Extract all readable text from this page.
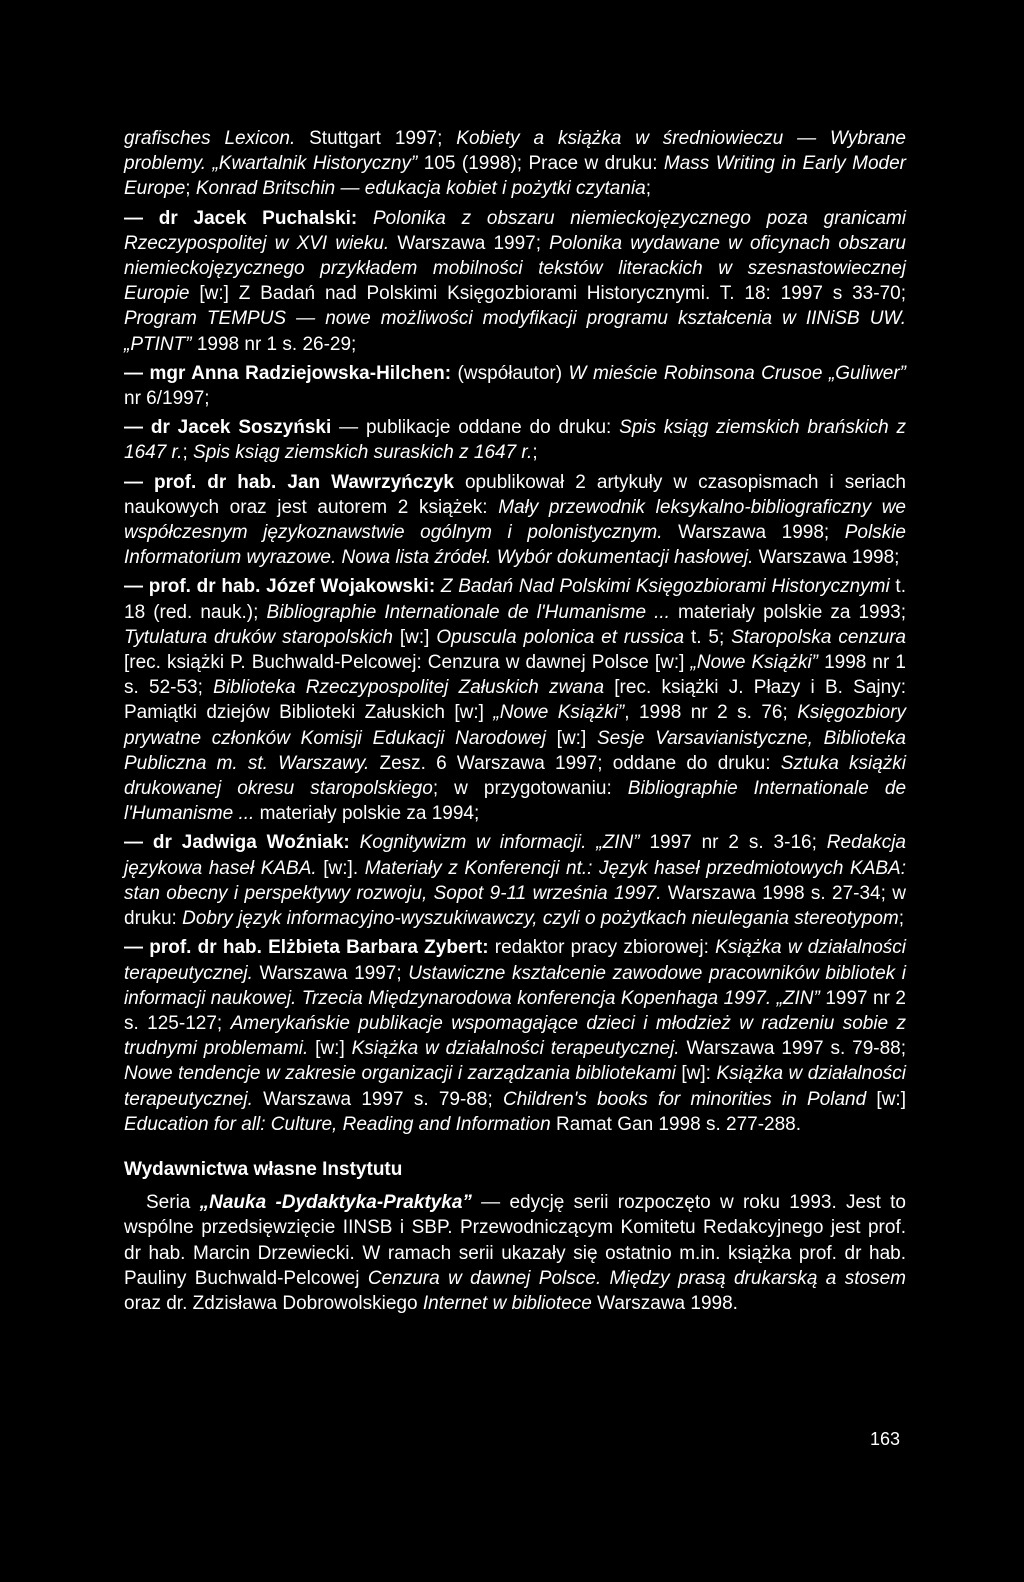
grafisches Lexicon. Stuttgart 1997; Kobiety a książka w średniowieczu — Wybrane problemy. „Kwartalnik Historyczny” 105 (1998); Prace w druku: Mass Writing in Early Moder Europe; Konrad Britschin — edukacja kobiet i pożytki czytania;

— dr Jacek Puchalski: Polonika z obszaru niemieckojęzycznego poza granicami Rzeczypospolitej w XVI wieku. Warszawa 1997; Polonika wydawane w oficynach obszaru niemieckojęzycznego przykładem mobilności tekstów literackich w szesnastowiecznej Europie [w:] Z Badań nad Polskimi Księgozbiorami Historycznymi. T. 18: 1997 s 33-70; Program TEMPUS — nowe możliwości modyfikacji programu kształcenia w IINiSB UW. „PTINT” 1998 nr 1 s. 26-29;

— mgr Anna Radziejowska-Hilchen: (współautor) W mieście Robinsona Crusoe „Guliwer” nr 6/1997;

— dr Jacek Soszyński — publikacje oddane do druku: Spis ksiąg ziemskich brańskich z 1647 r.; Spis ksiąg ziemskich suraskich z 1647 r.;

— prof. dr hab. Jan Wawrzyńczyk opublikował 2 artykuły w czasopismach i seriach naukowych oraz jest autorem 2 książek: Mały przewodnik leksykalno-bibliograficzny we współczesnym językoznawstwie ogólnym i polonistycznym. Warszawa 1998; Polskie Informatorium wyrazowe. Nowa lista źródeł. Wybór dokumentacji hasłowej. Warszawa 1998;

— prof. dr hab. Józef Wojakowski: Z Badań Nad Polskimi Księgozbiorami Historycznymi t. 18 (red. nauk.); Bibliographie Internationale de l'Humanisme ... materiały polskie za 1993; Tytulatura druków staropolskich [w:] Opuscula polonica et russica t. 5; Staropolska cenzura [rec. książki P. Buchwald-Pelcowej: Cenzura w dawnej Polsce [w:] „Nowe Książki” 1998 nr 1 s. 52-53; Biblioteka Rzeczypospolitej Załuskich zwana [rec. książki J. Płazy i B. Sajny: Pamiątki dziejów Biblioteki Załuskich [w:] „Nowe Książki”, 1998 nr 2 s. 76; Księgozbiory prywatne członków Komisji Edukacji Narodowej [w:] Sesje Varsavianistyczne, Biblioteka Publiczna m. st. Warszawy. Zesz. 6 Warszawa 1997; oddane do druku: Sztuka książki drukowanej okresu staropolskiego; w przygotowaniu: Bibliographie Internationale de l'Humanisme ... materiały polskie za 1994;

— dr Jadwiga Woźniak: Kognitywizm w informacji. „ZIN” 1997 nr 2 s. 3-16; Redakcja językowa haseł KABA. [w:]. Materiały z Konferencji nt.: Język haseł przedmiotowych KABA: stan obecny i perspektywy rozwoju, Sopot 9-11 września 1997. Warszawa 1998 s. 27-34; w druku: Dobry język informacyjno-wyszukiwawczy, czyli o pożytkach nieulegania stereotypom;

— prof. dr hab. Elżbieta Barbara Zybert: redaktor pracy zbiorowej: Książka w działalności terapeutycznej. Warszawa 1997; Ustawiczne kształcenie zawodowe pracowników bibliotek i informacji naukowej. Trzecia Międzynarodowa konferencja Kopenhaga 1997. „ZIN” 1997 nr 2 s. 125-127; Amerykańskie publikacje wspomagające dzieci i młodzież w radzeniu sobie z trudnymi problemami. [w:] Książka w działalności terapeutycznej. Warszawa 1997 s. 79-88; Nowe tendencje w zakresie organizacji i zarządzania bibliotekami [w]: Książka w działalności terapeutycznej. Warszawa 1997 s. 79-88; Children's books for minorities in Poland [w:] Education for all: Culture, Reading and Information Ramat Gan 1998 s. 277-288.

Wydawnictwa własne Instytutu

Seria „Nauka -Dydaktyka-Praktyka” — edycję serii rozpoczęto w roku 1993. Jest to wspólne przedsięwzięcie IINSB i SBP. Przewodniczącym Komitetu Redakcyjnego jest prof. dr hab. Marcin Drzewiecki. W ramach serii ukazały się ostatnio m.in. książka prof. dr hab. Pauliny Buchwald-Pelcowej Cenzura w dawnej Polsce. Między prasą drukarską a stosem oraz dr. Zdzisława Dobrowolskiego Internet w bibliotece Warszawa 1998.

163
